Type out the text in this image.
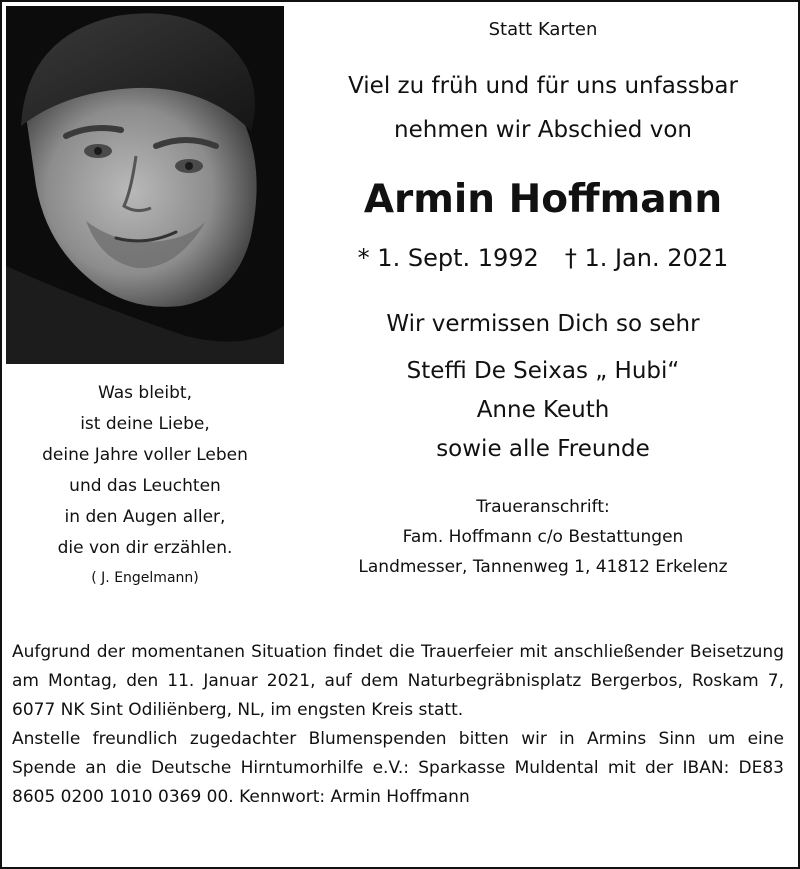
Was bleibt,
ist deine Liebe,
deine Jahre voller Leben
und das Leuchten
in den Augen aller,
die von dir erzählen.
( J. Engelmann)
Statt Karten
Viel zu früh und für uns unfassbar
nehmen wir Abschied von
Armin Hoffmann
* 1. Sept. 1992 † 1. Jan. 2021
Wir vermissen Dich so sehr
Steffi De Seixas „ Hubi“
Anne Keuth
sowie alle Freunde
Traueranschrift:
Fam. Hoffmann c/o Bestattungen
Landmesser, Tannenweg 1, 41812 Erkelenz

Aufgrund der momentanen Situation findet die Trauerfeier mit anschließender Beisetzung am Montag, den 11. Januar 2021, auf dem Naturbegräbnisplatz Bergerbos, Roskam 7, 6077 NK Sint Odiliënberg, NL, im engsten Kreis statt.

Anstelle freundlich zugedachter Blumenspenden bitten wir in Armins Sinn um eine Spende an die Deutsche Hirntumorhilfe e.V.: Sparkasse Muldental mit der IBAN: DE83 8605 0200 1010 0369 00. Kennwort: Armin Hoffmann
